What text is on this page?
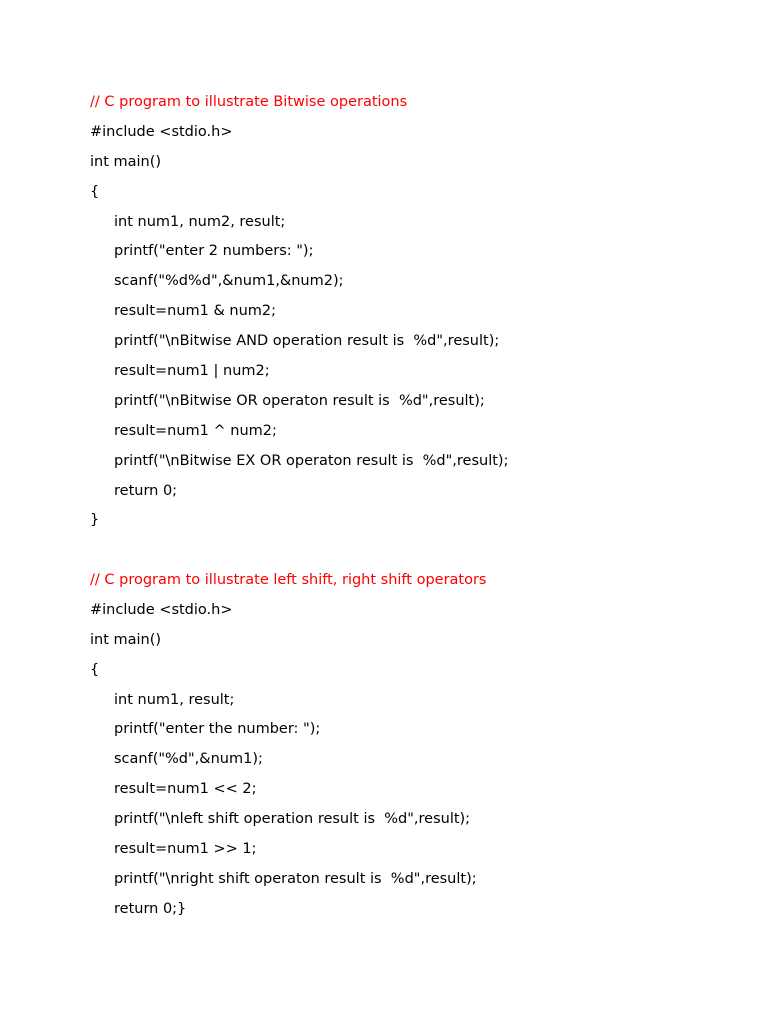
// C program to illustrate Bitwise operations
#include <stdio.h>
int main()
{
int num1, num2, result;
printf("enter 2 numbers: ");
scanf("%d%d",&num1,&num2);
result=num1 & num2;
printf("\nBitwise AND operation result is  %d",result);
result=num1 | num2;
printf("\nBitwise OR operaton result is  %d",result);
result=num1 ^ num2;
printf("\nBitwise EX OR operaton result is  %d",result);
return 0;
}
// C program to illustrate left shift, right shift operators
#include <stdio.h>
int main()
{
int num1, result;
printf("enter the number: ");
scanf("%d",&num1);
result=num1 << 2;
printf("\nleft shift operation result is  %d",result);
result=num1 >> 1;
printf("\nright shift operaton result is  %d",result);
return 0;}
